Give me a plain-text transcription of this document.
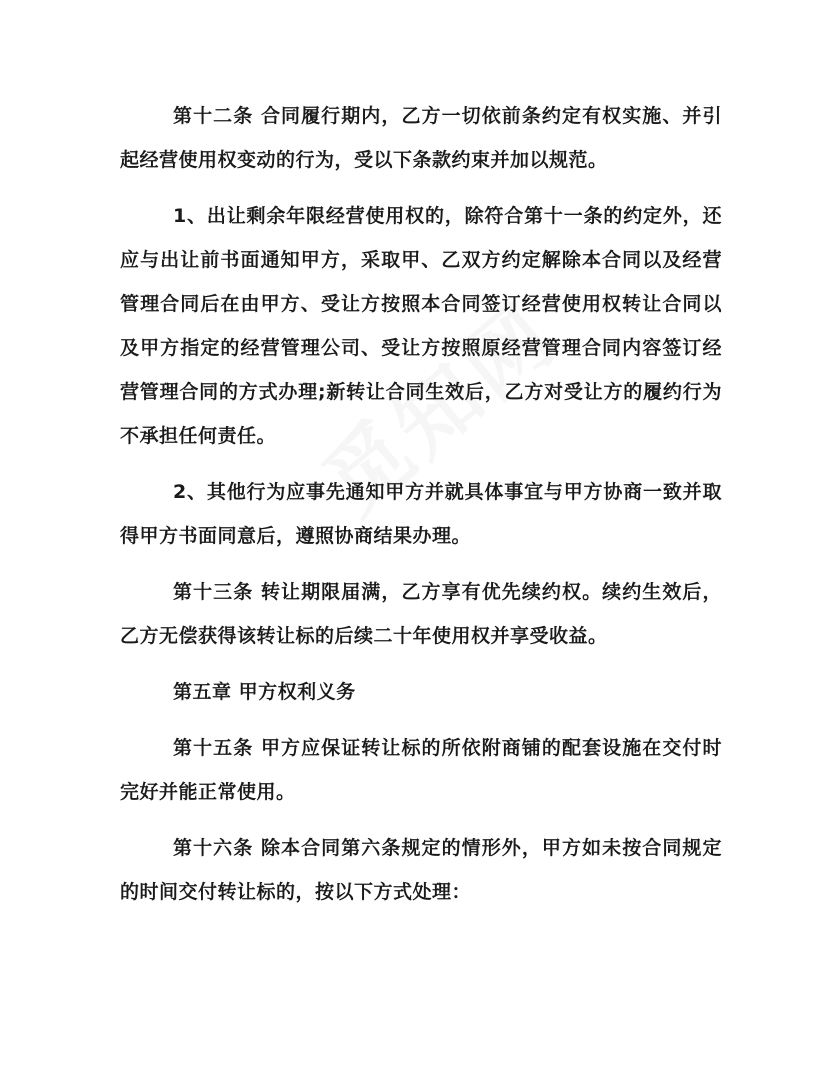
第十二条 合同履行期内，乙方一切依前条约定有权实施、并引起经营使用权变动的行为，受以下条款约束并加以规范。

1、出让剩余年限经营使用权的，除符合第十一条的约定外，还应与出让前书面通知甲方，采取甲、乙双方约定解除本合同以及经营管理合同后在由甲方、受让方按照本合同签订经营使用权转让合同以及甲方指定的经营管理公司、受让方按照原经营管理合同内容签订经营管理合同的方式办理;新转让合同生效后，乙方对受让方的履约行为不承担任何责任。

2、其他行为应事先通知甲方并就具体事宜与甲方协商一致并取得甲方书面同意后，遵照协商结果办理。

第十三条 转让期限届满，乙方享有优先续约权。续约生效后，乙方无偿获得该转让标的后续二十年使用权并享受收益。

第五章 甲方权利义务

第十五条 甲方应保证转让标的所依附商铺的配套设施在交付时完好并能正常使用。

第十六条 除本合同第六条规定的情形外，甲方如未按合同规定的时间交付转让标的，按以下方式处理：
